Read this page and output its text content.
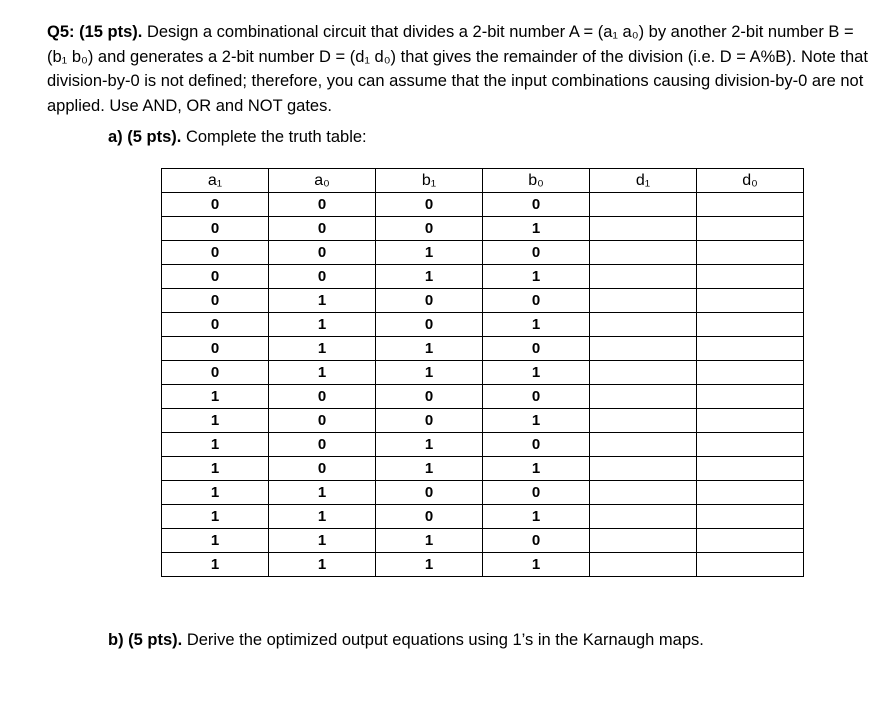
Q5: (15 pts). Design a combinational circuit that divides a 2-bit number A = (a₁ a₀) by another 2-bit number B = (b₁ b₀) and generates a 2-bit number D = (d₁ d₀) that gives the remainder of the division (i.e. D = A%B). Note that division-by-0 is not defined; therefore, you can assume that the input combinations causing division-by-0 are not applied. Use AND, OR and NOT gates.
a) (5 pts). Complete the truth table:
a₁	a₀	b₁	b₀	d₁	d₀
0	0	0	0		
0	0	0	1		
0	0	1	0		
0	0	1	1		
0	1	0	0		
0	1	0	1		
0	1	1	0		
0	1	1	1		
1	0	0	0		
1	0	0	1		
1	0	1	0		
1	0	1	1		
1	1	0	0		
1	1	0	1		
1	1	1	0		
1	1	1	1		
b) (5 pts). Derive the optimized output equations using 1’s in the Karnaugh maps.
